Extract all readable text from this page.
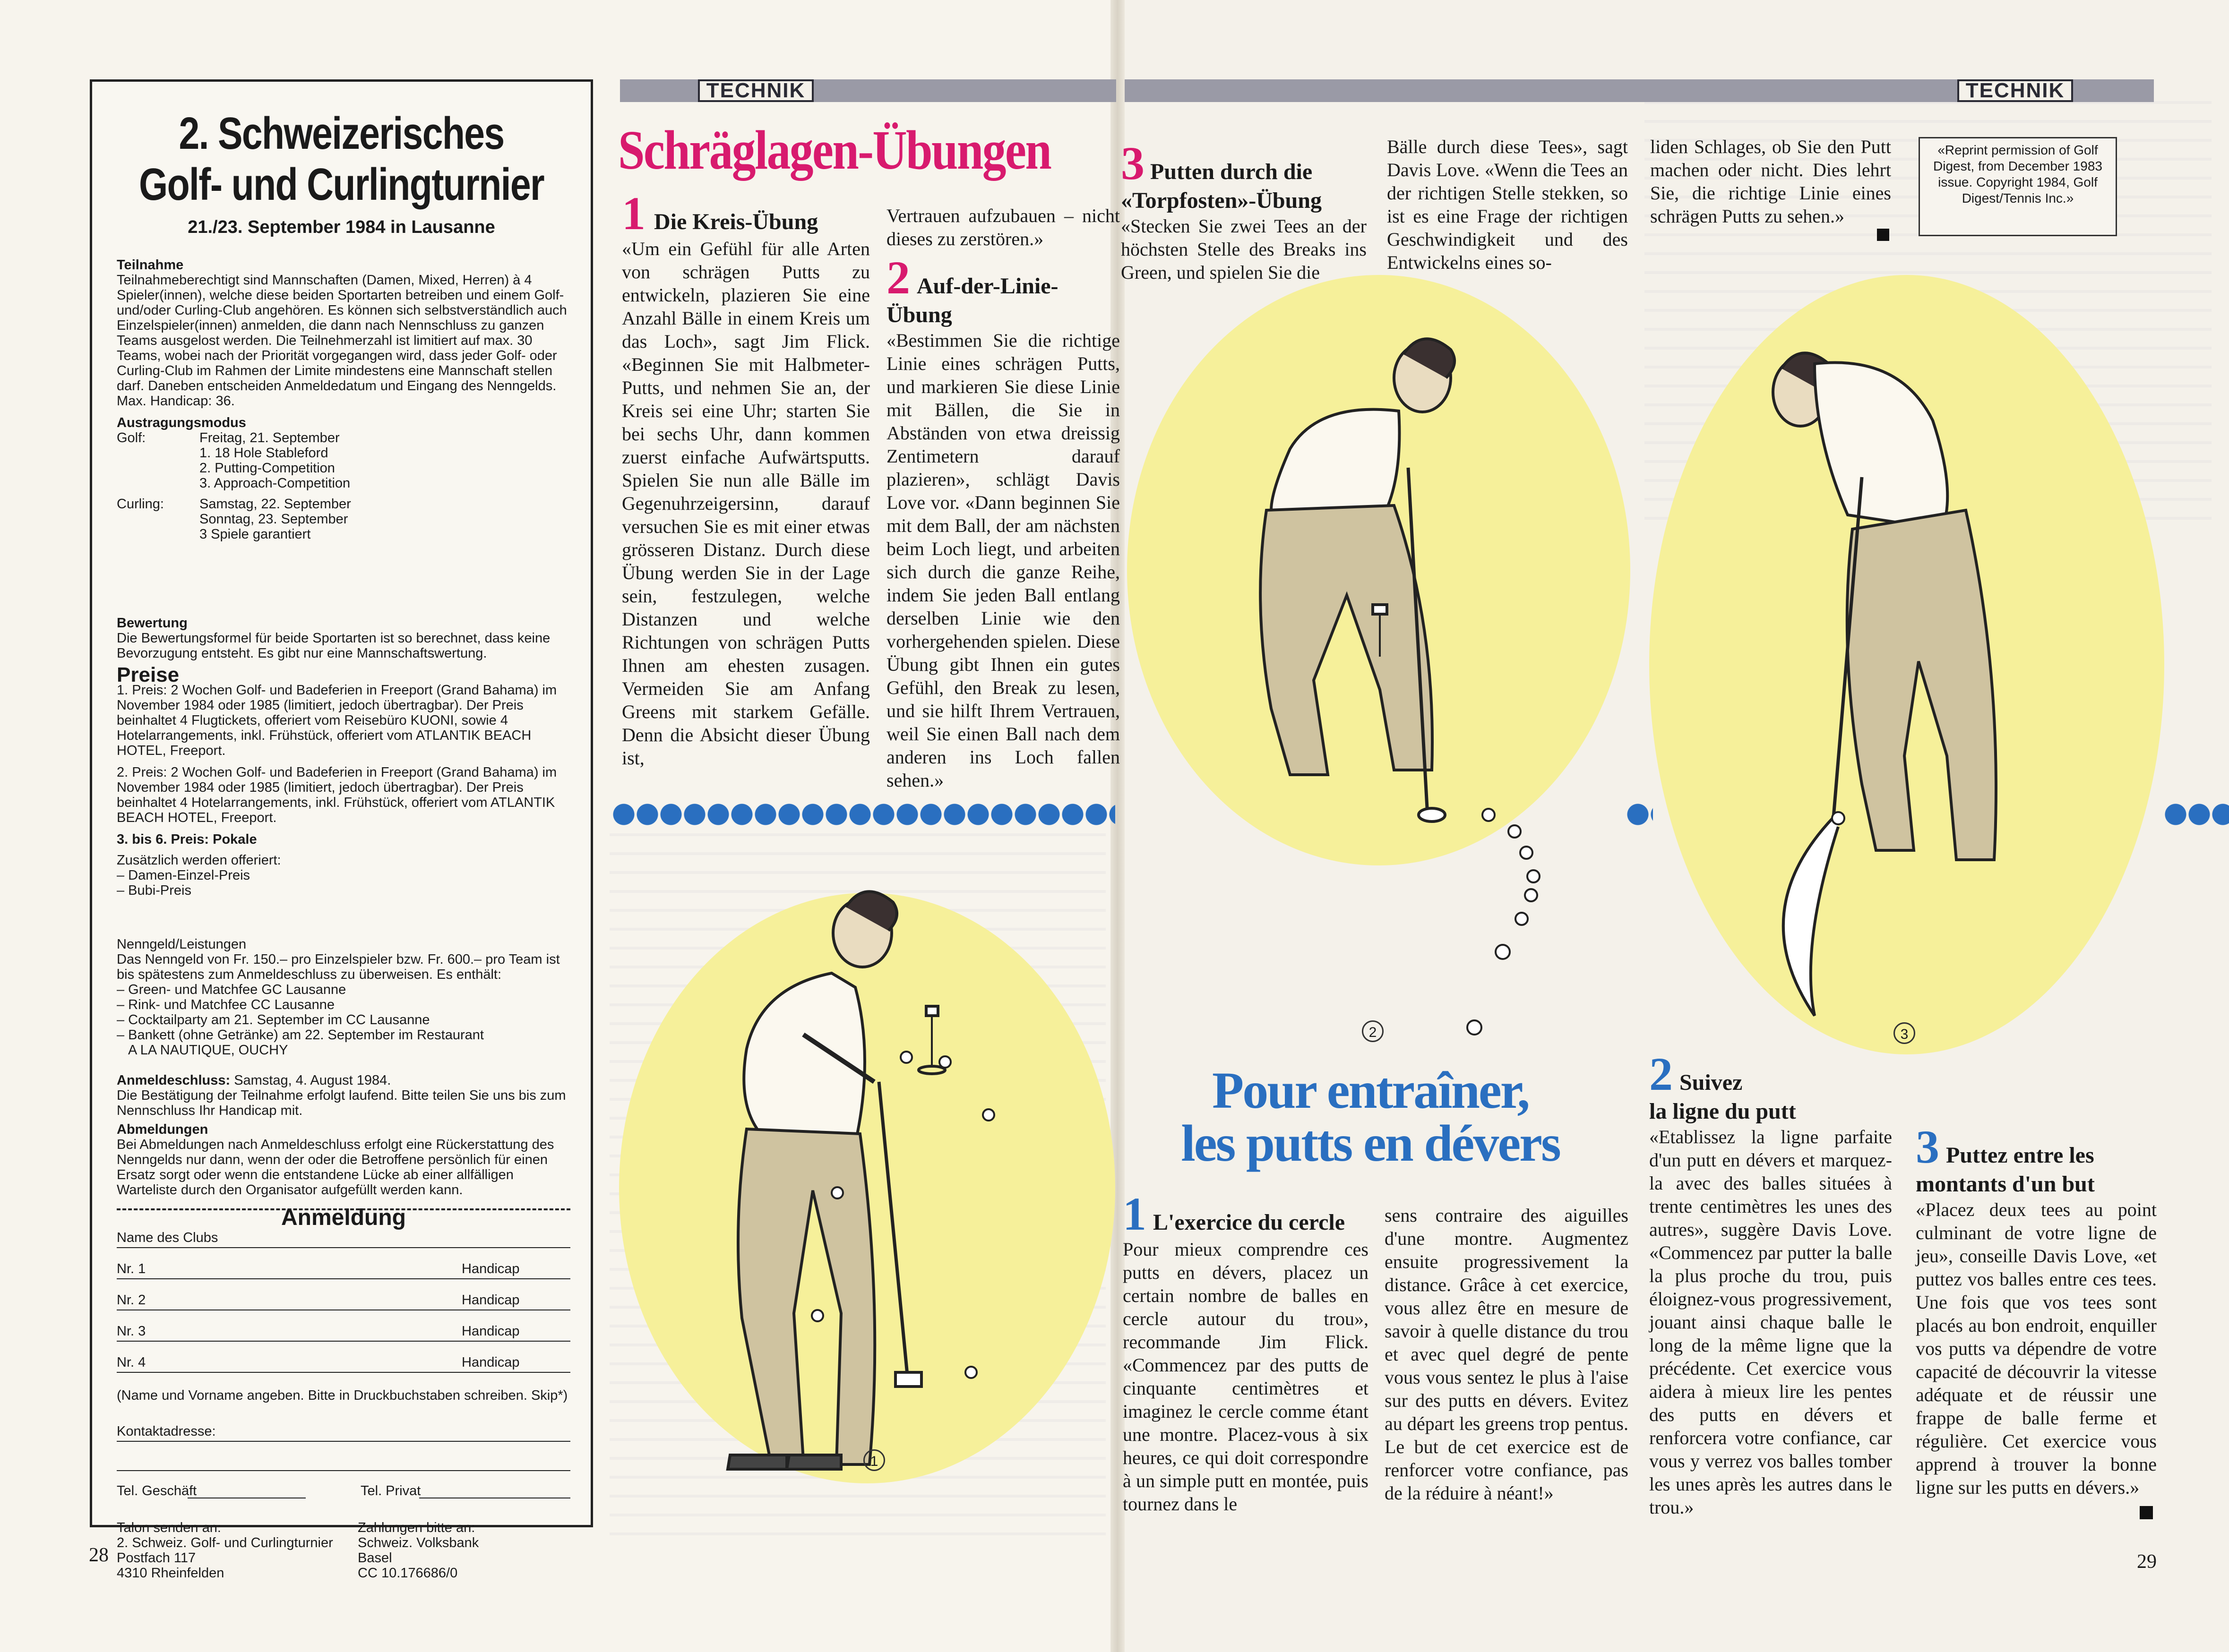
2. Schweizerisches
Golf- und Curlingturnier
21./23. September 1984 in Lausanne
Teilnahme

Teilnahmeberechtigt sind Mannschaften (Damen, Mixed, Herren) à 4 Spieler(innen), welche diese beiden Sportarten betreiben und einem Golf- und/oder Curling-Club angehören. Es können sich selbstverständlich auch Einzelspieler(innen) anmelden, die dann nach Nennschluss zu ganzen Teams ausgelost werden. Die Teilnehmerzahl ist limitiert auf max. 30 Teams, wobei nach der Priorität vorgegangen wird, dass jeder Golf- oder Curling-Club im Rahmen der Limite mindestens eine Mannschaft stellen darf. Daneben entscheiden Anmeldedatum und Eingang des Nenngelds. Max. Handicap: 36.

Austragungsmodus
Golf:	Freitag, 21. September
1. 18 Hole Stableford
2. Putting-Competition
3. Approach-Competition
Curling:	Samstag, 22. September
Sonntag, 23. September
3 Spiele garantiert
Bewertung

Die Bewertungsformel für beide Sportarten ist so berechnet, dass keine Bevorzugung entsteht. Es gibt nur eine Mannschaftswertung.

Preise

1. Preis: 2 Wochen Golf- und Badeferien in Freeport (Grand Bahama) im November 1984 oder 1985 (limitiert, jedoch übertragbar). Der Preis beinhaltet 4 Flugtickets, offeriert vom Reisebüro KUONI, sowie 4 Hotelarrangements, inkl. Frühstück, offeriert vom ATLANTIK BEACH HOTEL, Freeport.

2. Preis: 2 Wochen Golf- und Badeferien in Freeport (Grand Bahama) im November 1984 oder 1985 (limitiert, jedoch übertragbar). Der Preis beinhaltet 4 Hotelarrangements, inkl. Frühstück, offeriert vom ATLANTIK BEACH HOTEL, Freeport.

3. bis 6. Preis: Pokale

Zusätzlich werden offeriert:

– Damen-Einzel-Preis

– Bubi-Preis

Nenngeld/Leistungen

Das Nenngeld von Fr. 150.– pro Einzelspieler bzw. Fr. 600.– pro Team ist bis spätestens zum Anmeldeschluss zu überweisen. Es enthält:

– Green- und Matchfee GC Lausanne

– Rink- und Matchfee CC Lausanne

– Cocktailparty am 21. September im CC Lausanne

– Bankett (ohne Getränke) am 22. September im Restaurant

A LA NAUTIQUE, OUCHY

Anmeldeschluss: Samstag, 4. August 1984.

Die Bestätigung der Teilnahme erfolgt laufend. Bitte teilen Sie uns bis zum Nennschluss Ihr Handicap mit.

Abmeldungen

Bei Abmeldungen nach Anmeldeschluss erfolgt eine Rückerstattung des Nenngelds nur dann, wenn der oder die Betroffene persönlich für einen Ersatz sorgt oder wenn die entstandene Lücke ab einer allfälligen Warteliste durch den Organisator aufgefüllt werden kann.

Anmeldung
Name des Clubs
Nr. 1	Handicap
Nr. 2	Handicap
Nr. 3	Handicap
Nr. 4	Handicap
(Name und Vorname angeben. Bitte in Druckbuchstaben schreiben. Skip*)
Kontaktadresse:
Tel. Geschäft	Tel. Privat
Talon senden an:
2. Schweiz. Golf- und Curlingturnier
Postfach 117
4310 Rheinfelden
Zahlungen bitte an:
Schweiz. Volksbank
Basel
CC 10.176686/0
28
TECHNIK
Schräglagen-Übungen
1 Die Kreis-Übung
«Um ein Gefühl für alle Arten von schrägen Putts zu entwickeln, plazieren Sie eine Anzahl Bälle in einem Kreis um das Loch», sagt Jim Flick. «Beginnen Sie mit Halbmeter-Putts, und nehmen Sie an, der Kreis sei eine Uhr; starten Sie bei sechs Uhr, dann kommen zuerst einfache Aufwärtsputts. Spielen Sie nun alle Bälle im Gegenuhrzeigersinn, darauf versuchen Sie es mit einer etwas grösseren Distanz. Durch diese Übung werden Sie in der Lage sein, festzulegen, welche Distanzen und welche Richtungen von schrägen Putts Ihnen am ehesten zusagen. Vermeiden Sie am Anfang Greens mit starkem Gefälle. Denn die Absicht dieser Übung ist,
Vertrauen aufzubauen – nicht dieses zu zerstören.»
2 Auf-der-Linie-Übung
«Bestimmen Sie die richtige Linie eines schrägen Putts, und markieren Sie diese Linie mit Bällen, die Sie in Abständen von etwa dreissig Zentimetern darauf plazieren», schlägt Davis Love vor. «Dann beginnen Sie mit dem Ball, der am nächsten beim Loch liegt, und arbeiten sich durch die ganze Reihe, indem Sie jeden Ball entlang derselben Linie wie den vorhergehenden spielen. Diese Übung gibt Ihnen ein gutes Gefühl, den Break zu lesen, und sie hilft Ihrem Vertrauen, weil Sie einen Ball nach dem anderen ins Loch fallen sehen.»
1
TECHNIK
3 Putten durch die «Torpfosten»-Übung
«Stecken Sie zwei Tees an der höchsten Stelle des Breaks ins Green, und spielen Sie die
Bälle durch diese Tees», sagt Davis Love. «Wenn die Tees an der richtigen Stelle stekken, so ist es eine Frage der richtigen Geschwindigkeit und des Entwickelns eines so-
liden Schlages, ob Sie den Putt machen oder nicht. Dies lehrt Sie, die richtige Linie eines schrägen Putts zu sehen.»
«Reprint permission of Golf Digest, from December 1983 issue. Copyright 1984, Golf Digest/Tennis Inc.»
2	3
Pour entraîner,
les putts en dévers
1 L'exercice du cercle
Pour mieux comprendre ces putts en dévers, placez un certain nombre de balles en cercle autour du trou», recommande Jim Flick. «Commencez par des putts de cinquante centimètres et imaginez le cercle comme étant une montre. Placez-vous à six heures, ce qui doit correspondre à un simple putt en montée, puis tournez dans le
sens contraire des aiguilles d'une montre. Augmentez ensuite progressivement la distance. Grâce à cet exercice, vous allez être en mesure de savoir à quelle distance du trou et avec quel degré de pente vous vous sentez le plus à l'aise sur des putts en dévers. Evitez au départ les greens trop pentus. Le but de cet exercice est de renforcer votre confiance, pas de la réduire à néant!»
2 Suivez
la ligne du putt
«Etablissez la ligne parfaite d'un putt en dévers et marquez-la avec des balles situées à trente centimètres les unes des autres», suggère Davis Love. «Commencez par putter la balle la plus proche du trou, puis éloignez-vous progressivement, jouant ainsi chaque balle le long de la même ligne que la précédente. Cet exercice vous aidera à mieux lire les pentes des putts en dévers et renforcera votre confiance, car vous y verrez vos balles tomber les unes après les autres dans le trou.»
3 Puttez entre les montants d'un but
«Placez deux tees au point culminant de votre ligne de jeu», conseille Davis Love, «et puttez vos balles entre ces tees. Une fois que vos tees sont placés au bon endroit, enquiller vos putts va dépendre de votre capacité de découvrir la vitesse adéquate et de réussir une frappe de balle ferme et régulière. Cet exercice vous apprend à trouver la bonne ligne sur les putts en dévers.»
29
